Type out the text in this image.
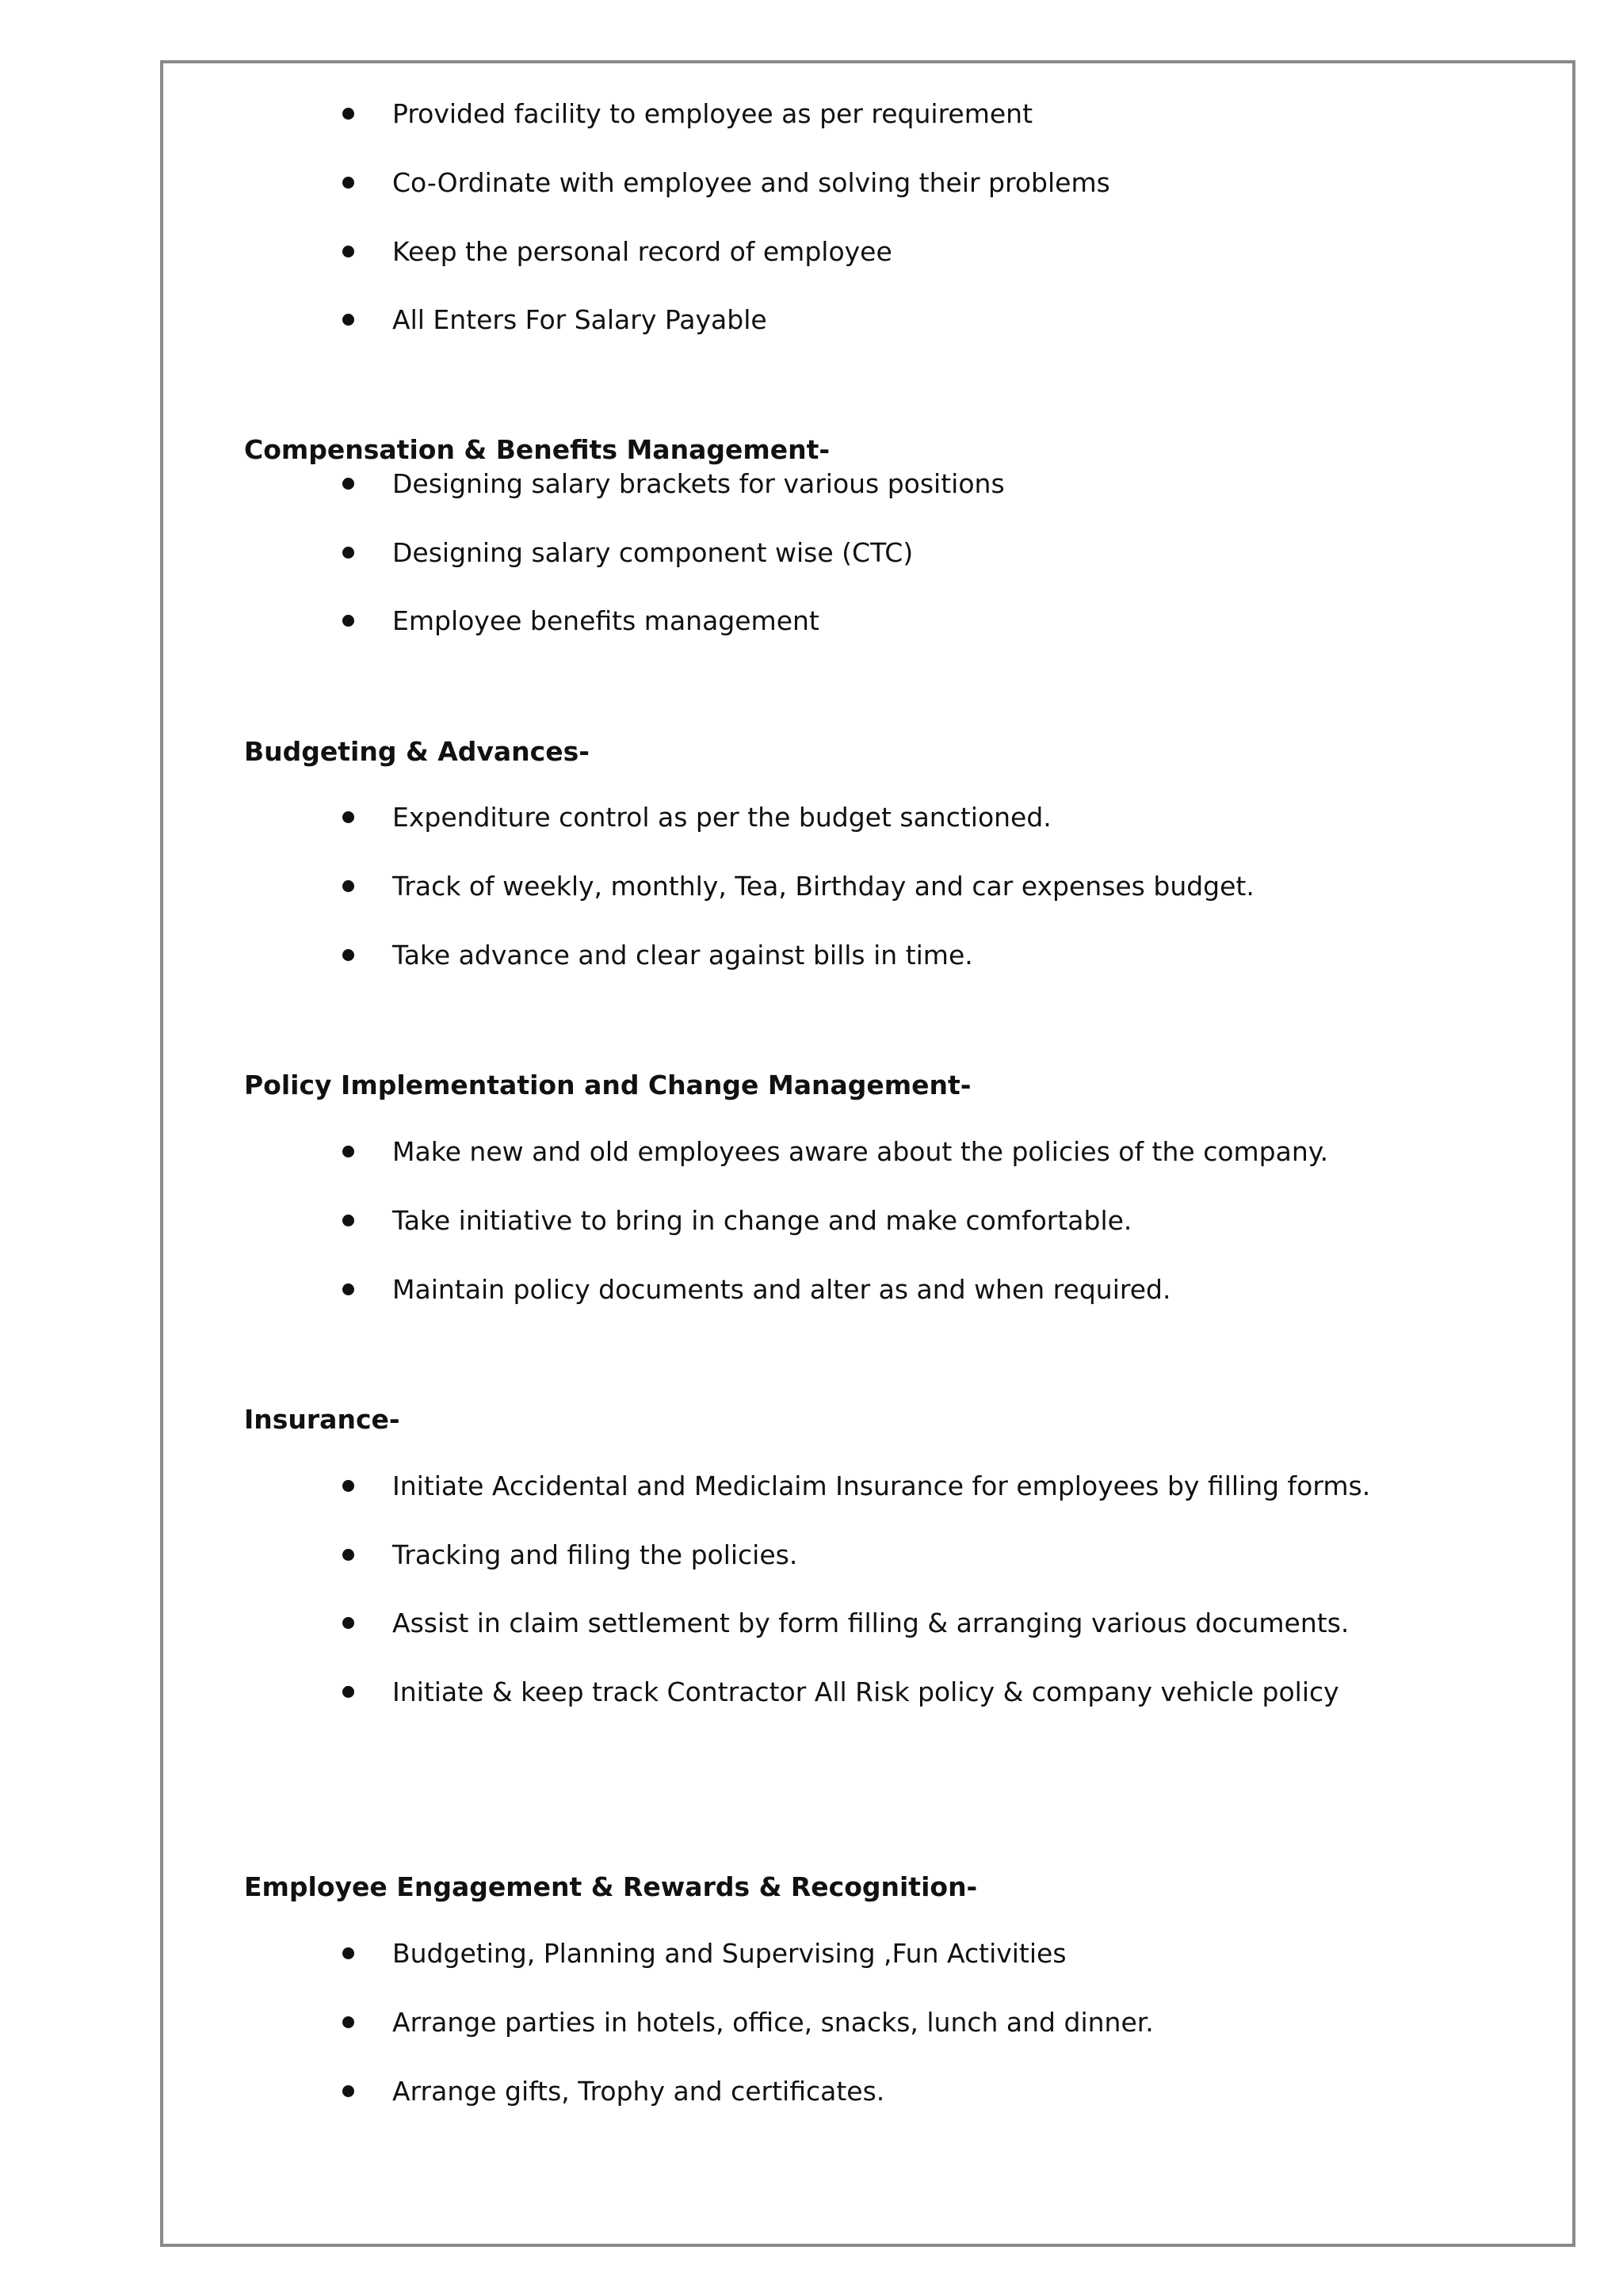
Provided facility to employee as per requirement
Co-Ordinate with employee and solving their problems
Keep the personal record of employee
All Enters For Salary Payable
Compensation & Benefits Management-
Designing salary brackets for various positions
Designing salary component wise (CTC)
Employee benefits management
Budgeting & Advances-
Expenditure control as per the budget sanctioned.
Track of weekly, monthly, Tea, Birthday and car expenses budget.
Take advance and clear against bills in time.
Policy Implementation and Change Management-
Make new and old employees aware about the policies of the company.
Take initiative to bring in change and make comfortable.
Maintain policy documents and alter as and when required.
Insurance-
Initiate Accidental and Mediclaim Insurance for employees by filling forms.
Tracking and filing the policies.
Assist in claim settlement by form filling & arranging various documents.
Initiate & keep track Contractor All Risk policy & company vehicle policy
Employee Engagement & Rewards & Recognition-
Budgeting, Planning and Supervising ,Fun Activities
Arrange parties in hotels, office, snacks, lunch and dinner.
Arrange gifts, Trophy and certificates.
